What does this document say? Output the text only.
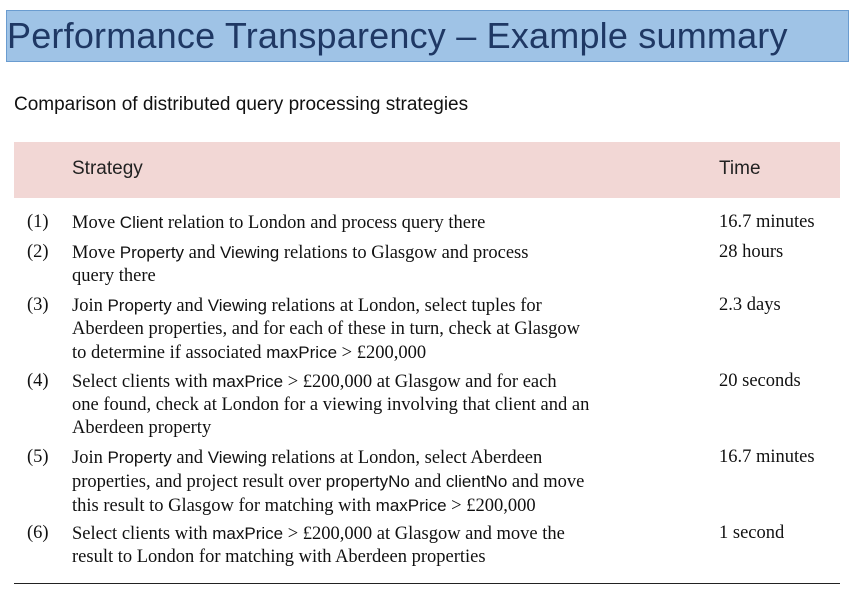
Performance Transparency – Example summary
Comparison of distributed query processing strategies
Strategy	Time
(1) Move Client relation to London and process query there	16.7 minutes
(2) Move Property and Viewing relations to Glasgow and process
query there
28 hours
(3) Join Property and Viewing relations at London, select tuples for
Aberdeen properties, and for each of these in turn, check at Glasgow
to determine if associated maxPrice > £200,000
2.3 days
(4) Select clients with maxPrice > £200,000 at Glasgow and for each
one found, check at London for a viewing involving that client and an
Aberdeen property
20 seconds
(5) Join Property and Viewing relations at London, select Aberdeen
properties, and project result over propertyNo and clientNo and move
this result to Glasgow for matching with maxPrice > £200,000
16.7 minutes
(6) Select clients with maxPrice > £200,000 at Glasgow and move the
result to London for matching with Aberdeen properties
1 second
